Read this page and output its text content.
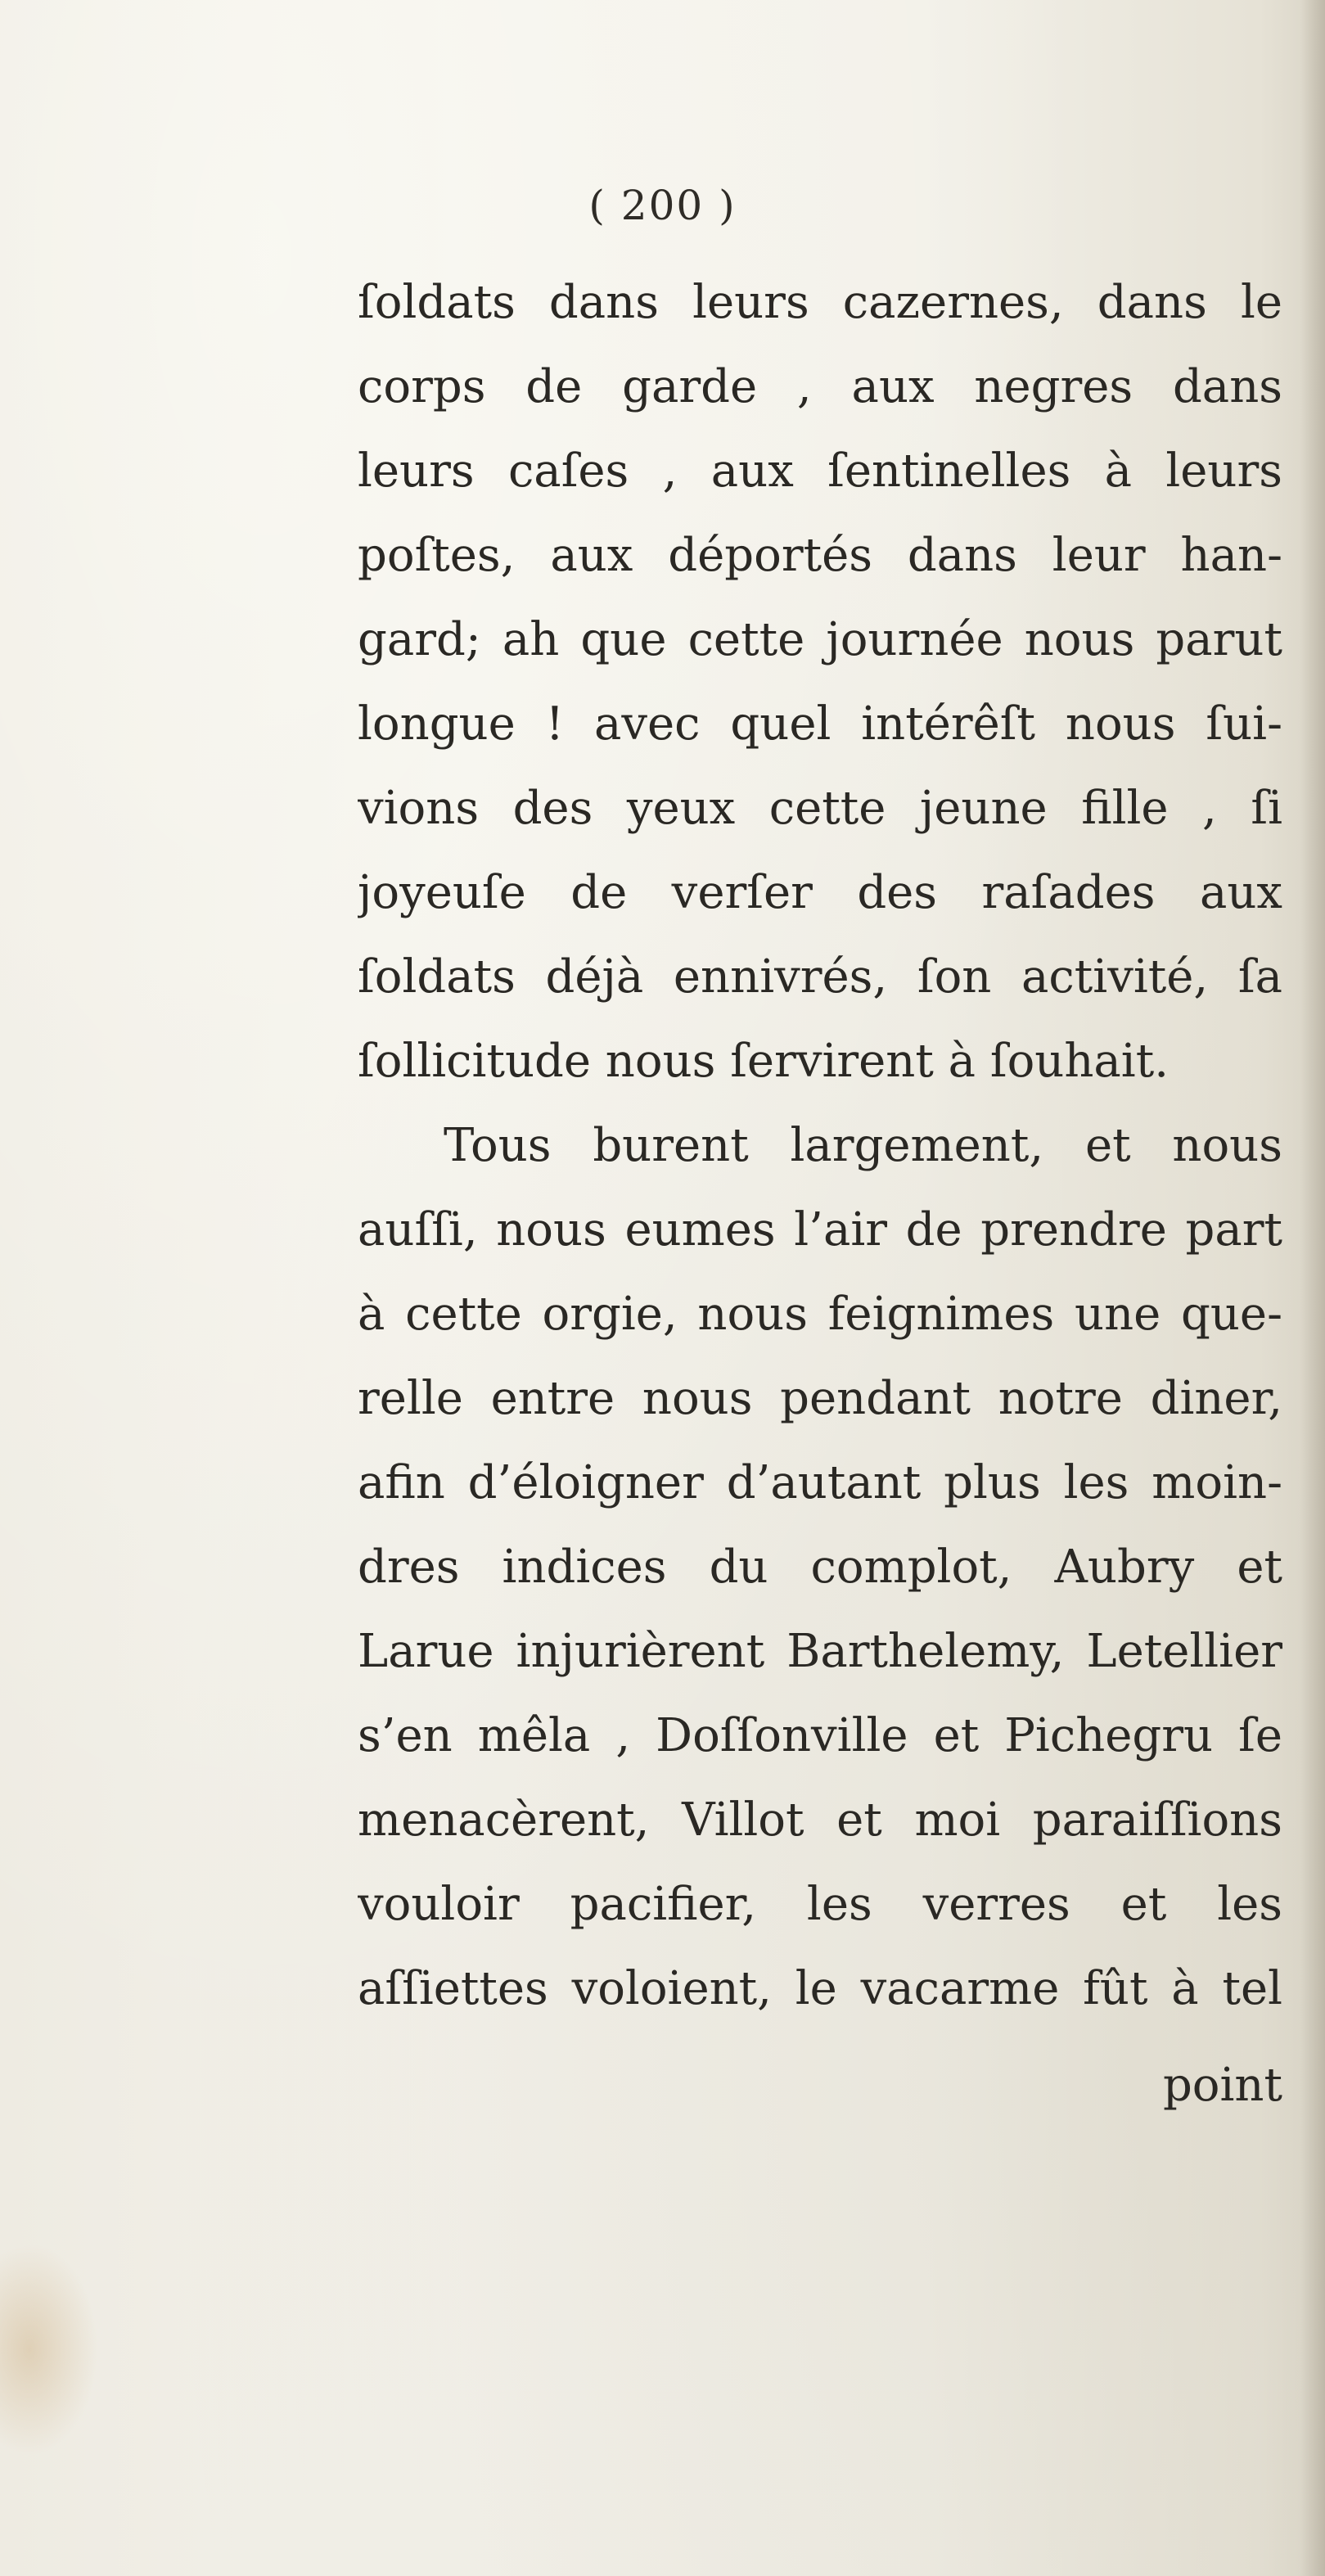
( 200 )
ſoldats dans leurs cazernes, dans le
corps de garde , aux negres dans
leurs caſes , aux ſentinelles à leurs
poſtes, aux déportés dans leur han-
gard; ah que cette journée nous parut
longue ! avec quel intérêſt nous ſui-
vions des yeux cette jeune fille , ſi
joyeuſe de verſer des raſades aux
ſoldats déjà ennivrés, ſon activité, ſa
ſollicitude nous ſervirent à ſouhait.
Tous burent largement, et nous
auſſi, nous eumes l’air de prendre part
à cette orgie, nous feignimes une que-
relle entre nous pendant notre diner,
afin d’éloigner d’autant plus les moin-
dres indices du complot, Aubry et
Larue injurièrent Barthelemy, Letellier
s’en mêla , Doſſonville et Pichegru ſe
menacèrent, Villot et moi paraiſſions
vouloir pacifier, les verres et les
aſſiettes voloient, le vacarme fût à tel
point
